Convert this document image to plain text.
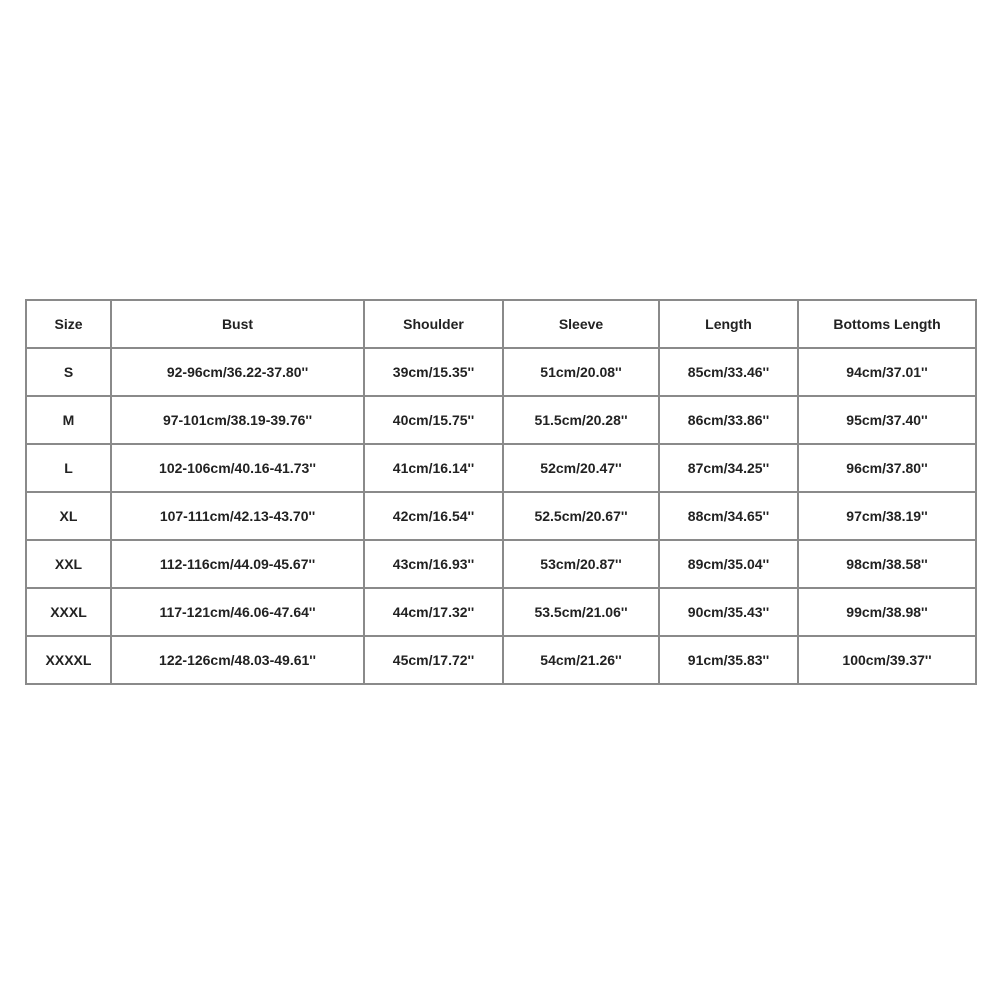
Size	Bust	Shoulder	Sleeve	Length	Bottoms Length
S	92-96cm/36.22-37.80''	39cm/15.35''	51cm/20.08''	85cm/33.46''	94cm/37.01''
M	97-101cm/38.19-39.76''	40cm/15.75''	51.5cm/20.28''	86cm/33.86''	95cm/37.40''
L	102-106cm/40.16-41.73''	41cm/16.14''	52cm/20.47''	87cm/34.25''	96cm/37.80''
XL	107-111cm/42.13-43.70''	42cm/16.54''	52.5cm/20.67''	88cm/34.65''	97cm/38.19''
XXL	112-116cm/44.09-45.67''	43cm/16.93''	53cm/20.87''	89cm/35.04''	98cm/38.58''
XXXL	117-121cm/46.06-47.64''	44cm/17.32''	53.5cm/21.06''	90cm/35.43''	99cm/38.98''
XXXXL	122-126cm/48.03-49.61''	45cm/17.72''	54cm/21.26''	91cm/35.83''	100cm/39.37''
